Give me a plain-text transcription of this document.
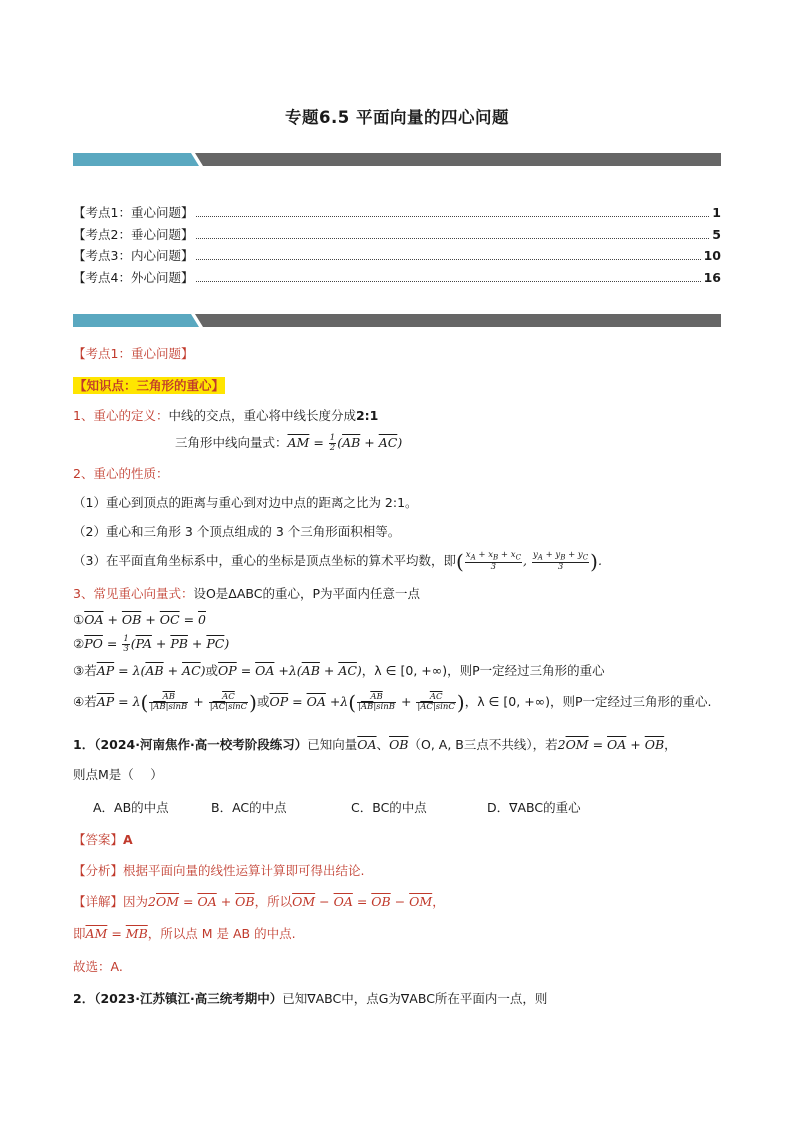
专题6.5 平面向量的四心问题
【考点1：重心问题】	1
【考点2：垂心问题】	5
【考点3：内心问题】	10
【考点4：外心问题】	16
【考点1：重心问题】
【知识点：三角形的重心】
1、重心的定义：中线的交点，重心将中线长度分成2:1
三角形中线向量式：$\overline{AM} = \frac{1}{2} (\overline{AB} + \overline{AC})$
2、重心的性质：
（1）重心到顶点的距离与重心到对边中点的距离之比为 2:1。
（2）重心和三角形 3 个顶点组成的 3 个三角形面积相等。
（3）在平面直角坐标系中，重心的坐标是顶点坐标的算术平均数，即( $\frac{x_A + x_B + x_C}{3}$ , $\frac{y_A + y_B + y_C}{3}$ ).
3、常见重心向量式：设O是ΔABC的重心，P为平面内任意一点
$①\overline{OA} + \overline{OB} + \overline{OC} = 0$
$②\overline{PO} = \frac{1}{3} (\overline{PA} + \overline{PB} + \overline{PC})$
③若$\overline{AP} = \lambda(\overline{AB} + \overline{AC})$或$\overline{OP} = \overline{OA} +\lambda(\overline{AB} + \overline{AC})$，λ ∈ [0, +∞)，则P一定经过三角形的重心
④若$\overline{AP} = \lambda( \frac{\overline{AB}}{|\overline{AB}|\sin B} + \frac{\overline{AC}}{|\overline{AC}|\sin C}$ )或$\overline{OP} = \overline{OA} +\lambda( \frac{\overline{AB}}{|\overline{AB}|\sin B} + \frac{\overline{AC}}{|\overline{AC}|\sin C}$ )，λ ∈ [0, +∞)，则P一定经过三角形的重心.
1．（2024·河南焦作·高一校考阶段练习）已知向量$\overline{OA}$、$\overline{OB}(O$, A, B三点不共线），若$2\overline{OM} = \overline{OA} + \overline{OB}$，
则点M是（　 ）
A．AB的中点	B．AC的中点	C．BC的中点	D．∇ABC的重心
【答案】A
【分析】根据平面向量的线性运算计算即可得出结论.
【详解】因为$2\overline{OM} = \overline{OA} + \overline{OB}$，所以$\overline{OM} - \overline{OA} = \overline{OB} - \overline{OM}$，
即$\overline{AM} = \overline{MB}$，所以点 M 是 AB 的中点.
故选：A.
2．（2023·江苏镇江·高三统考期中）已知∇ABC中，点G为∇ABC所在平面内一点，则
